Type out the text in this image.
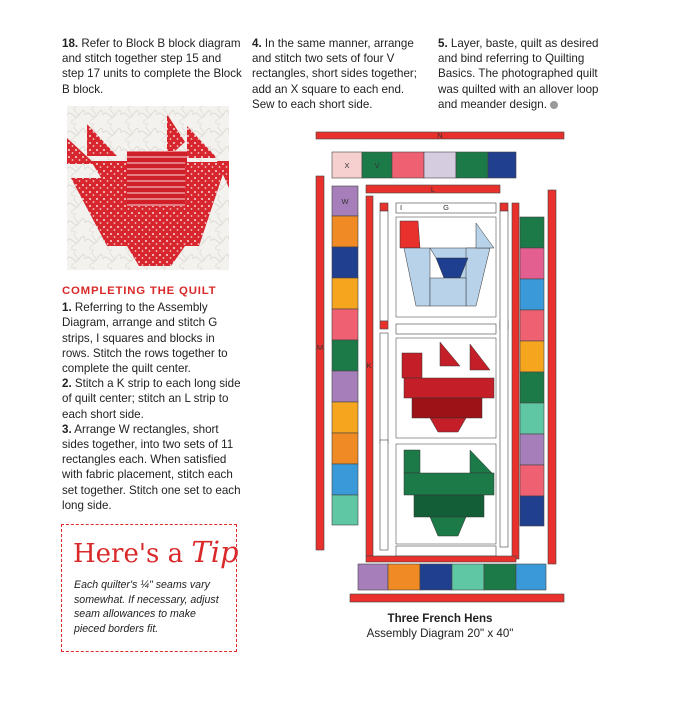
18. Refer to Block B block diagram and stitch together step 15 and step 17 units to complete the Block B block.

COMPLETING THE QUILT

1. Referring to the Assembly Diagram, arrange and stitch G strips, I squares and blocks in rows. Stitch the rows together to complete the quilt center.

2. Stitch a K strip to each long side of quilt center; stitch an L strip to each short side.

3. Arrange W rectangles, short sides together, into two sets of 11 rectangles each. When satisfied with fabric placement, stitch each set together. Stitch one set to each long side.

Here's a Tip
Each quilter's ¼" seams vary somewhat. If necessary, adjust seam allowances to make pieced borders fit.

4. In the same manner, arrange and stitch two sets of four V rectangles, short sides together; add an X square to each end. Sew to each short side.

5. Layer, baste, quilt as desired and bind referring to Quilting Basics. The photographed quilt was quilted with an allover loop and meander design.

N
X	V
L
W
I	G
M
K
Three French Hens
Assembly Diagram 20" x 40"
